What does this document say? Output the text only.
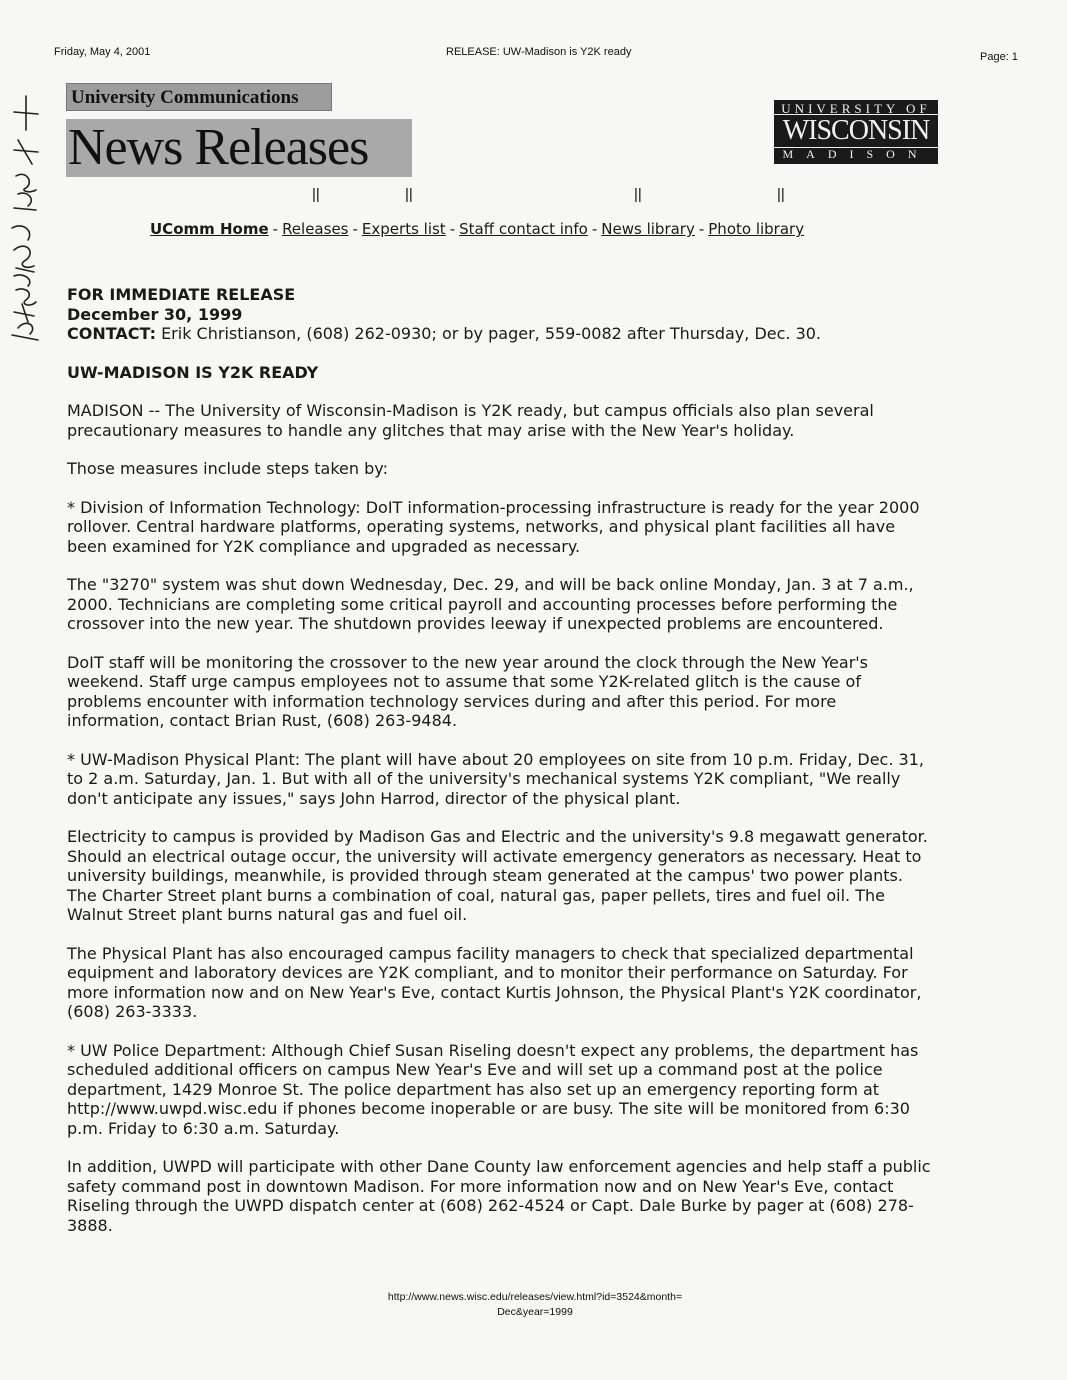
Friday, May 4, 2001	RELEASE: UW-Madison is Y2K ready	Page: 1
University Communications
News Releases
UNIVERSITY OF
WISCONSIN
MADISON
||	||	||	||
UComm Home - Releases - Experts list - Staff contact info - News library - Photo library
FOR IMMEDIATE RELEASE
December 30, 1999
CONTACT: Erik Christianson, (608) 262-0930; or by pager, 559-0082 after Thursday, Dec. 30.
UW-MADISON IS Y2K READY

MADISON -- The University of Wisconsin-Madison is Y2K ready, but campus officials also plan several precautionary measures to handle any glitches that may arise with the New Year's holiday.

Those measures include steps taken by:

* Division of Information Technology: DoIT information-processing infrastructure is ready for the year 2000 rollover. Central hardware platforms, operating systems, networks, and physical plant facilities all have been examined for Y2K compliance and upgraded as necessary.

The "3270" system was shut down Wednesday, Dec. 29, and will be back online Monday, Jan. 3 at 7 a.m., 2000. Technicians are completing some critical payroll and accounting processes before performing the crossover into the new year. The shutdown provides leeway if unexpected problems are encountered.

DoIT staff will be monitoring the crossover to the new year around the clock through the New Year's weekend. Staff urge campus employees not to assume that some Y2K-related glitch is the cause of problems encounter with information technology services during and after this period. For more information, contact Brian Rust, (608) 263-9484.

* UW-Madison Physical Plant: The plant will have about 20 employees on site from 10 p.m. Friday, Dec. 31, to 2 a.m. Saturday, Jan. 1. But with all of the university's mechanical systems Y2K compliant, "We really don't anticipate any issues," says John Harrod, director of the physical plant.

Electricity to campus is provided by Madison Gas and Electric and the university's 9.8 megawatt generator. Should an electrical outage occur, the university will activate emergency generators as necessary. Heat to university buildings, meanwhile, is provided through steam generated at the campus' two power plants. The Charter Street plant burns a combination of coal, natural gas, paper pellets, tires and fuel oil. The Walnut Street plant burns natural gas and fuel oil.

The Physical Plant has also encouraged campus facility managers to check that specialized departmental equipment and laboratory devices are Y2K compliant, and to monitor their performance on Saturday. For more information now and on New Year's Eve, contact Kurtis Johnson, the Physical Plant's Y2K coordinator, (608) 263-3333.

* UW Police Department: Although Chief Susan Riseling doesn't expect any problems, the department has scheduled additional officers on campus New Year's Eve and will set up a command post at the police department, 1429 Monroe St. The police department has also set up an emergency reporting form at http://www.uwpd.wisc.edu if phones become inoperable or are busy. The site will be monitored from 6:30 p.m. Friday to 6:30 a.m. Saturday.

In addition, UWPD will participate with other Dane County law enforcement agencies and help staff a public safety command post in downtown Madison. For more information now and on New Year's Eve, contact Riseling through the UWPD dispatch center at (608) 262-4524 or Capt. Dale Burke by pager at (608) 278-3888.

http://www.news.wisc.edu/releases/view.html?id=3524&month=
Dec&year=1999
